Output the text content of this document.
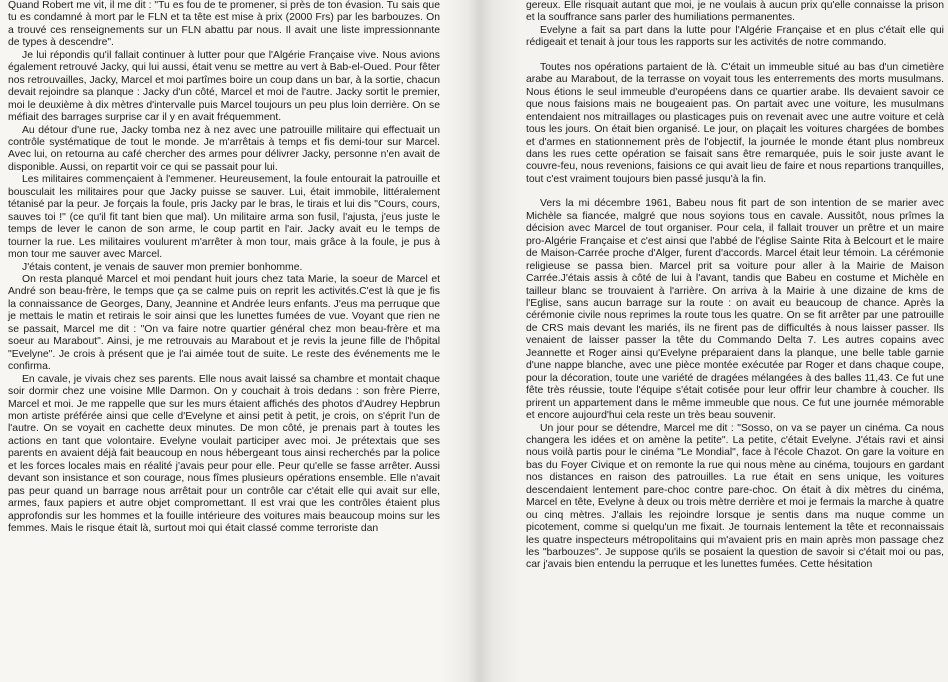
Quand Robert me vit, il me dit : "Tu es fou de te promener, si près de ton évasion. Tu sais que tu es condamné à mort par le FLN et ta tête est mise à prix (2000 Frs) par les barbouzes. On a trouvé ces renseignements sur un FLN abattu par nous. Il avait une liste impressionnante de types à descendre".

Je lui répondis qu'il fallait continuer à lutter pour que l'Algérie Française vive. Nous avions également retrouvé Jacky, qui lui aussi, était venu se mettre au vert à Bab-el-Oued. Pour fêter nos retrouvailles, Jacky, Marcel et moi partîmes boire un coup dans un bar, à la sortie, chacun devait rejoindre sa planque : Jacky d'un côté, Marcel et moi de l'autre. Jacky sortit le premier, moi le deuxième à dix mètres d'intervalle puis Marcel toujours un peu plus loin derrière. On se méfiait des barrages surprise car il y en avait fréquemment.

Au détour d'une rue, Jacky tomba nez à nez avec une patrouille militaire qui effectuait un contrôle systématique de tout le monde. Je m'arrêtais à temps et fis demi-tour sur Marcel. Avec lui, on retourna au café chercher des armes pour délivrer Jacky, personne n'en avait de disponible. Aussi, on repartit voir ce qui se passait pour lui.

Les militaires commençaient à l'emmener. Heureusement, la foule entourait la patrouille et bousculait les militaires pour que Jacky puisse se sauver. Lui, était immobile, littéralement tétanisé par la peur. Je forçais la foule, pris Jacky par le bras, le tirais et lui dis "Cours, cours, sauves toi !" (ce qu'il fit tant bien que mal). Un militaire arma son fusil, l'ajusta, j'eus juste le temps de lever le canon de son arme, le coup partit en l'air. Jacky avait eu le temps de tourner la rue. Les militaires voulurent m'arrêter à mon tour, mais grâce à la foule, je pus à mon tour me sauver avec Marcel.

J'étais content, je venais de sauver mon premier bonhomme.

On resta planqué Marcel et moi pendant huit jours chez tata Marie, la soeur de Marcel et André son beau-frère, le temps que ça se calme puis on reprit les activités.C'est là que je fis la connaissance de Georges, Dany, Jeannine et Andrée leurs enfants. J'eus ma perruque que je mettais le matin et retirais le soir ainsi que les lunettes fumées de vue. Voyant que rien ne se passait, Marcel me dit : "On va faire notre quartier général chez mon beau-frère et ma soeur au Marabout". Ainsi, je me retrouvais au Marabout et je revis la jeune fille de l'hôpital "Evelyne". Je crois à présent que je l'ai aimée tout de suite. Le reste des événements me le confirma.

En cavale, je vivais chez ses parents. Elle nous avait laissé sa chambre et montait chaque soir dormir chez une voisine Mlle Darmon. On y couchait à trois dedans : son frère Pierre, Marcel et moi. Je me rappelle que sur les murs étaient affichés des photos d'Audrey Hepbrun mon artiste préférée ainsi que celle d'Evelyne et ainsi petit à petit, je crois, on s'éprit l'un de l'autre. On se voyait en cachette deux minutes. De mon côté, je prenais part à toutes les actions en tant que volontaire. Evelyne voulait participer avec moi. Je prétextais que ses parents en avaient déjà fait beaucoup en nous hébergeant tous ainsi recherchés par la police et les forces locales mais en réalité j'avais peur pour elle. Peur qu'elle se fasse arrêter. Aussi devant son insistance et son courage, nous fîmes plusieurs opérations ensemble. Elle n'avait pas peur quand un barrage nous arrêtait pour un contrôle car c'était elle qui avait sur elle, armes, faux papiers et autre objet compromettant. Il est vrai que les contrôles étaient plus approfondis sur les hommes et la fouille intérieure des voitures mais beaucoup moins sur les femmes. Mais le risque était là, surtout moi qui était classé comme terroriste dan

gereux. Elle risquait autant que moi, je ne voulais à aucun prix qu'elle connaisse la prison et la souffrance sans parler des humiliations permanentes.

Evelyne a fait sa part dans la lutte pour l'Algérie Française et en plus c'était elle qui rédigeait et tenait à jour tous les rapports sur les activités de notre commando.

Toutes nos opérations partaient de là. C'était un immeuble situé au bas d'un cimetière arabe au Marabout, de la terrasse on voyait tous les enterrements des morts musulmans. Nous étions le seul immeuble d'européens dans ce quartier arabe. Ils devaient savoir ce que nous faisions mais ne bougeaient pas. On partait avec une voiture, les musulmans entendaient nos mitraillages ou plasticages puis on revenait avec une autre voiture et celà tous les jours. On était bien organisé. Le jour, on plaçait les voitures chargées de bombes et d'armes en stationnement près de l'objectif, la journée le monde étant plus nombreux dans les rues cette opération se faisait sans être remarquée, puis le soir juste avant le couvre-feu, nous revenions, faisions ce qui avait lieu de faire et nous repartions tranquilles, tout c'est vraiment toujours bien passé jusqu'à la fin.

Vers la mi décembre 1961, Babeu nous fit part de son intention de se marier avec Michèle sa fiancée, malgré que nous soyions tous en cavale. Aussitôt, nous prîmes la décision avec Marcel de tout organiser. Pour cela, il fallait trouver un prêtre et un maire pro-Algérie Française et c'est ainsi que l'abbé de l'église Sainte Rita à Belcourt et le maire de Maison-Carrée proche d'Alger, furent d'accords. Marcel était leur témoin. La cérémonie religieuse se passa bien. Marcel prit sa voiture pour aller à la Mairie de Maison Carrée.J'étais assis à côté de lui à l'avant, tandis que Babeu en costume et Michèle en tailleur blanc se trouvaient à l'arrière. On arriva à la Mairie à une dizaine de kms de l'Eglise, sans aucun barrage sur la route : on avait eu beaucoup de chance. Après la cérémonie civile nous reprimes la route tous les quatre. On se fit arrêter par une patrouille de CRS mais devant les mariés, ils ne firent pas de difficultés à nous laisser passer. Ils venaient de laisser passer la tête du Commando Delta 7. Les autres copains avec Jeannette et Roger ainsi qu'Evelyne préparaient dans la planque, une belle table garnie d'une nappe blanche, avec une pièce montée exécutée par Roger et dans chaque coupe, pour la décoration, toute une variété de dragées mélangées à des balles 11,43. Ce fut une fête très réussie, toute l'équipe s'était cotisée pour leur offrir leur chambre à coucher. Ils prirent un appartement dans le même immeuble que nous. Ce fut une journée mémorable et encore aujourd'hui cela reste un très beau souvenir.

Un jour pour se détendre, Marcel me dit : "Sosso, on va se payer un cinéma. Ca nous changera les idées et on amène la petite". La petite, c'était Evelyne. J'étais ravi et ainsi nous voilà partis pour le cinéma "Le Mondial", face à l'école Chazot. On gare la voiture en bas du Foyer Civique et on remonte la rue qui nous mène au cinéma, toujours en gardant nos distances en raison des patrouilles. La rue était en sens unique, les voitures descendaient lentement pare-choc contre pare-choc. On était à dix mètres du cinéma, Marcel en tête, Evelyne à deux ou trois mètre derrière et moi je fermais la marche à quatre ou cinq mètres. J'allais les rejoindre lorsque je sentis dans ma nuque comme un picotement, comme si quelqu'un me fixait. Je tournais lentement la tête et reconnaissais les quatre inspecteurs métropolitains qui m'avaient pris en main après mon passage chez les "barbouzes". Je suppose qu'ils se posaient la question de savoir si c'était moi ou pas, car j'avais bien entendu la perruque et les lunettes fumées. Cette hésitation
